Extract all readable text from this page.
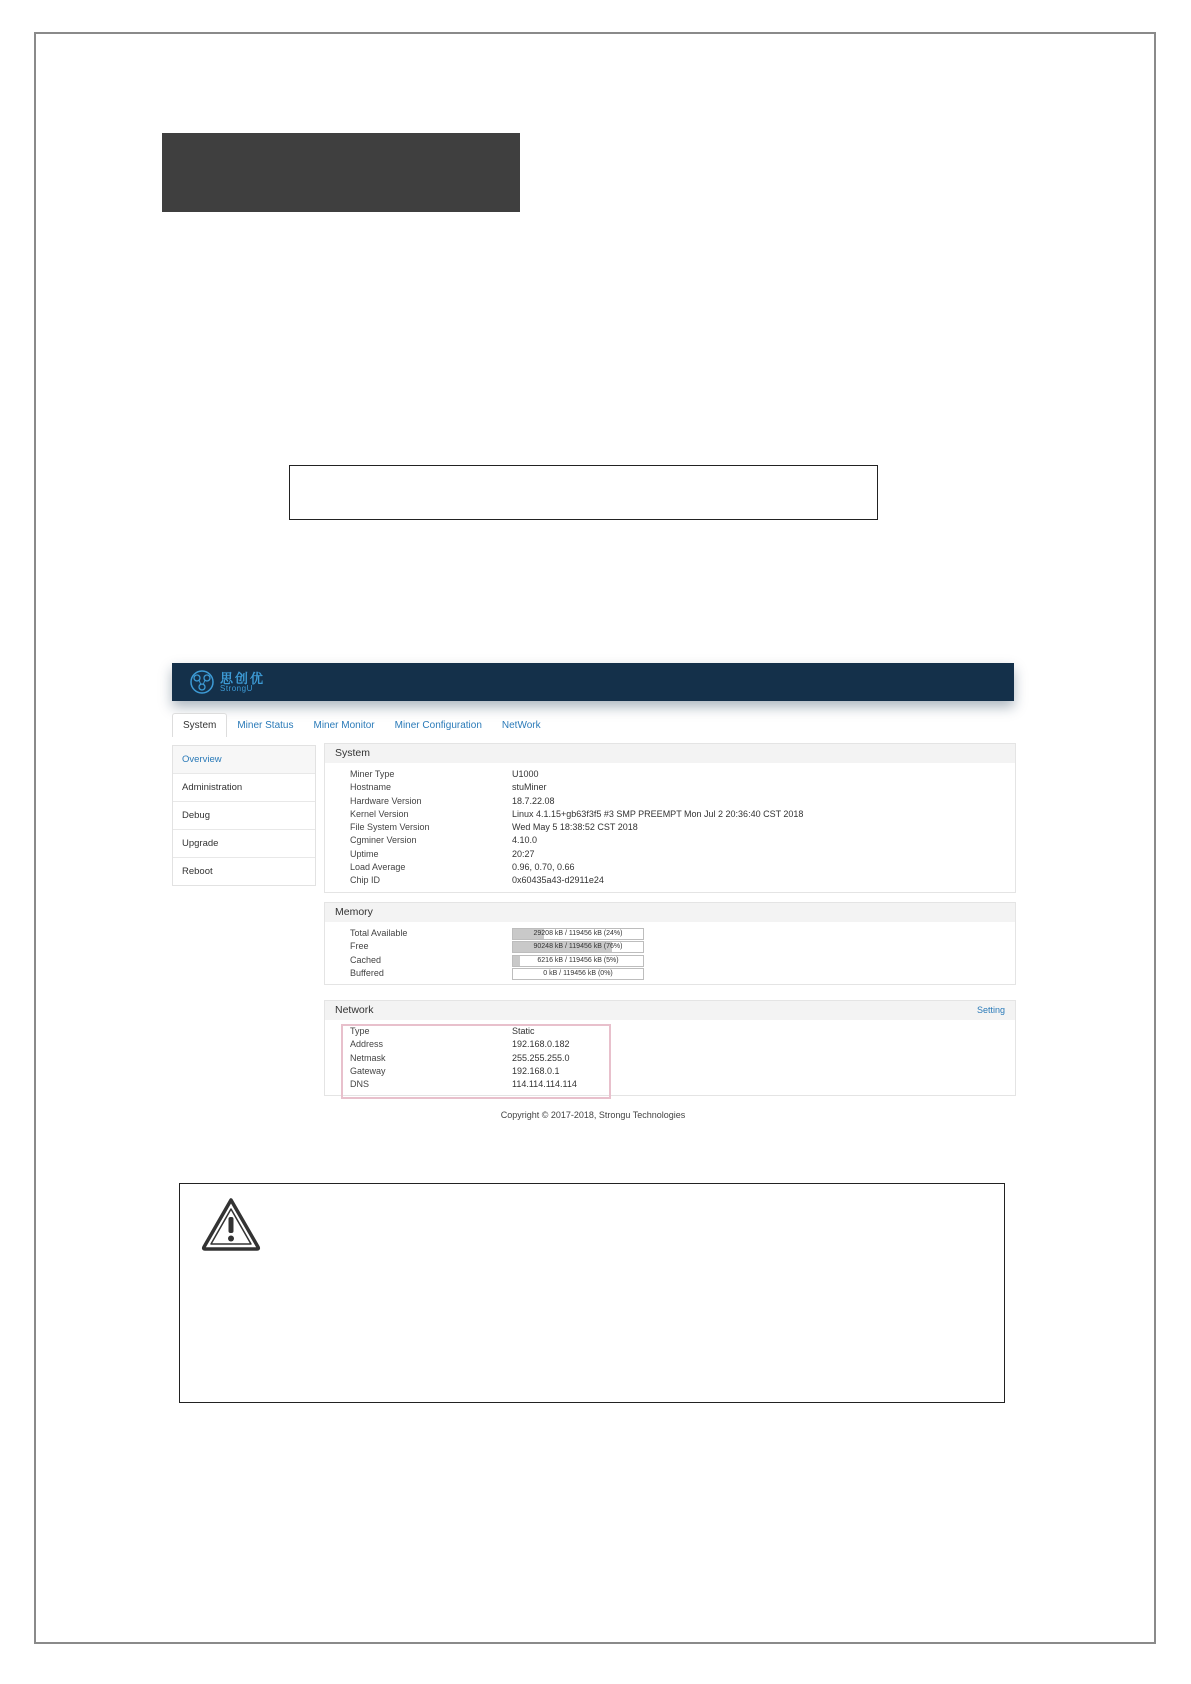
思创优
StrongU
System	Miner Status	Miner Monitor	Miner Configuration	NetWork
Overview
Administration
Debug
Upgrade
Reboot
System
Miner Type	U1000
Hostname	stuMiner
Hardware Version	18.7.22.08
Kernel Version	Linux 4.1.15+gb63f3f5 #3 SMP PREEMPT Mon Jul 2 20:36:40 CST 2018
File System Version	Wed May 5 18:38:52 CST 2018
Cgminer Version	4.10.0
Uptime	20:27
Load Average	0.96, 0.70, 0.66
Chip ID	0x60435a43-d2911e24
Memory
Total Available	29208 kB / 119456 kB (24%)
Free	90248 kB / 119456 kB (76%)
Cached	6216 kB / 119456 kB (5%)
Buffered	0 kB / 119456 kB (0%)
Network	Setting
Type	Static
Address	192.168.0.182
Netmask	255.255.255.0
Gateway	192.168.0.1
DNS	114.114.114.114
Copyright © 2017-2018, Strongu Technologies
